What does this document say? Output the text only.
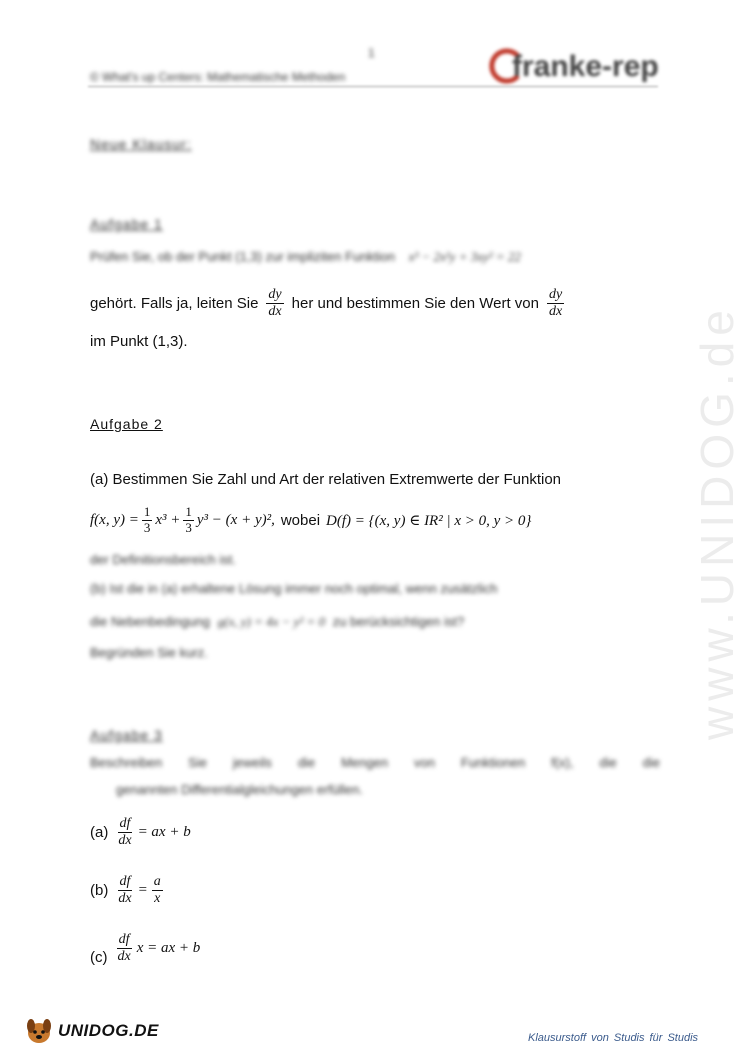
www.UNIDOG.de
1
© What's up Centers: Mathematische Methoden	franke-rep
Neue Klausur:
Aufgabe 1
Prüfen Sie, ob der Punkt (1,3) zur impliziten Funktion x³ − 2x²y + 3xy² = 22
gehört. Falls ja, leiten Sie $\frac{dy}{dx}$ her und bestimmen Sie den Wert von $\frac{dy}{dx}$
im Punkt (1,3).
Aufgabe 2
(a) Bestimmen Sie Zahl und Art der relativen Extremwerte der Funktion
f(x, $y) = \frac{1}{3} x^3 + \frac{1}{3} y^3 - (x + y)^2$, wobei D(f) = {(x, y) ∈ IR² | x > 0, y > 0}
der Definitionsbereich ist.
(b) Ist die in (a) erhaltene Lösung immer noch optimal, wenn zusätzlich
die Nebenbedingung g(x, y) = 4x − y² = 0 zu berücksichtigen ist?
Begründen Sie kurz.
Aufgabe 3
Beschreiben Sie jeweils die Mengen von Funktionen f(x), die die
genannten Differentialgleichungen erfüllen.
$(a) \frac{df}{dx}$ = ax + b
$(b) \frac{df}{dx} = \frac{a}{x}$
$(c) \frac{df}{dx}$ x = ax + b
UNIDOG.DE	Klausurstoff von Studis für Studis
